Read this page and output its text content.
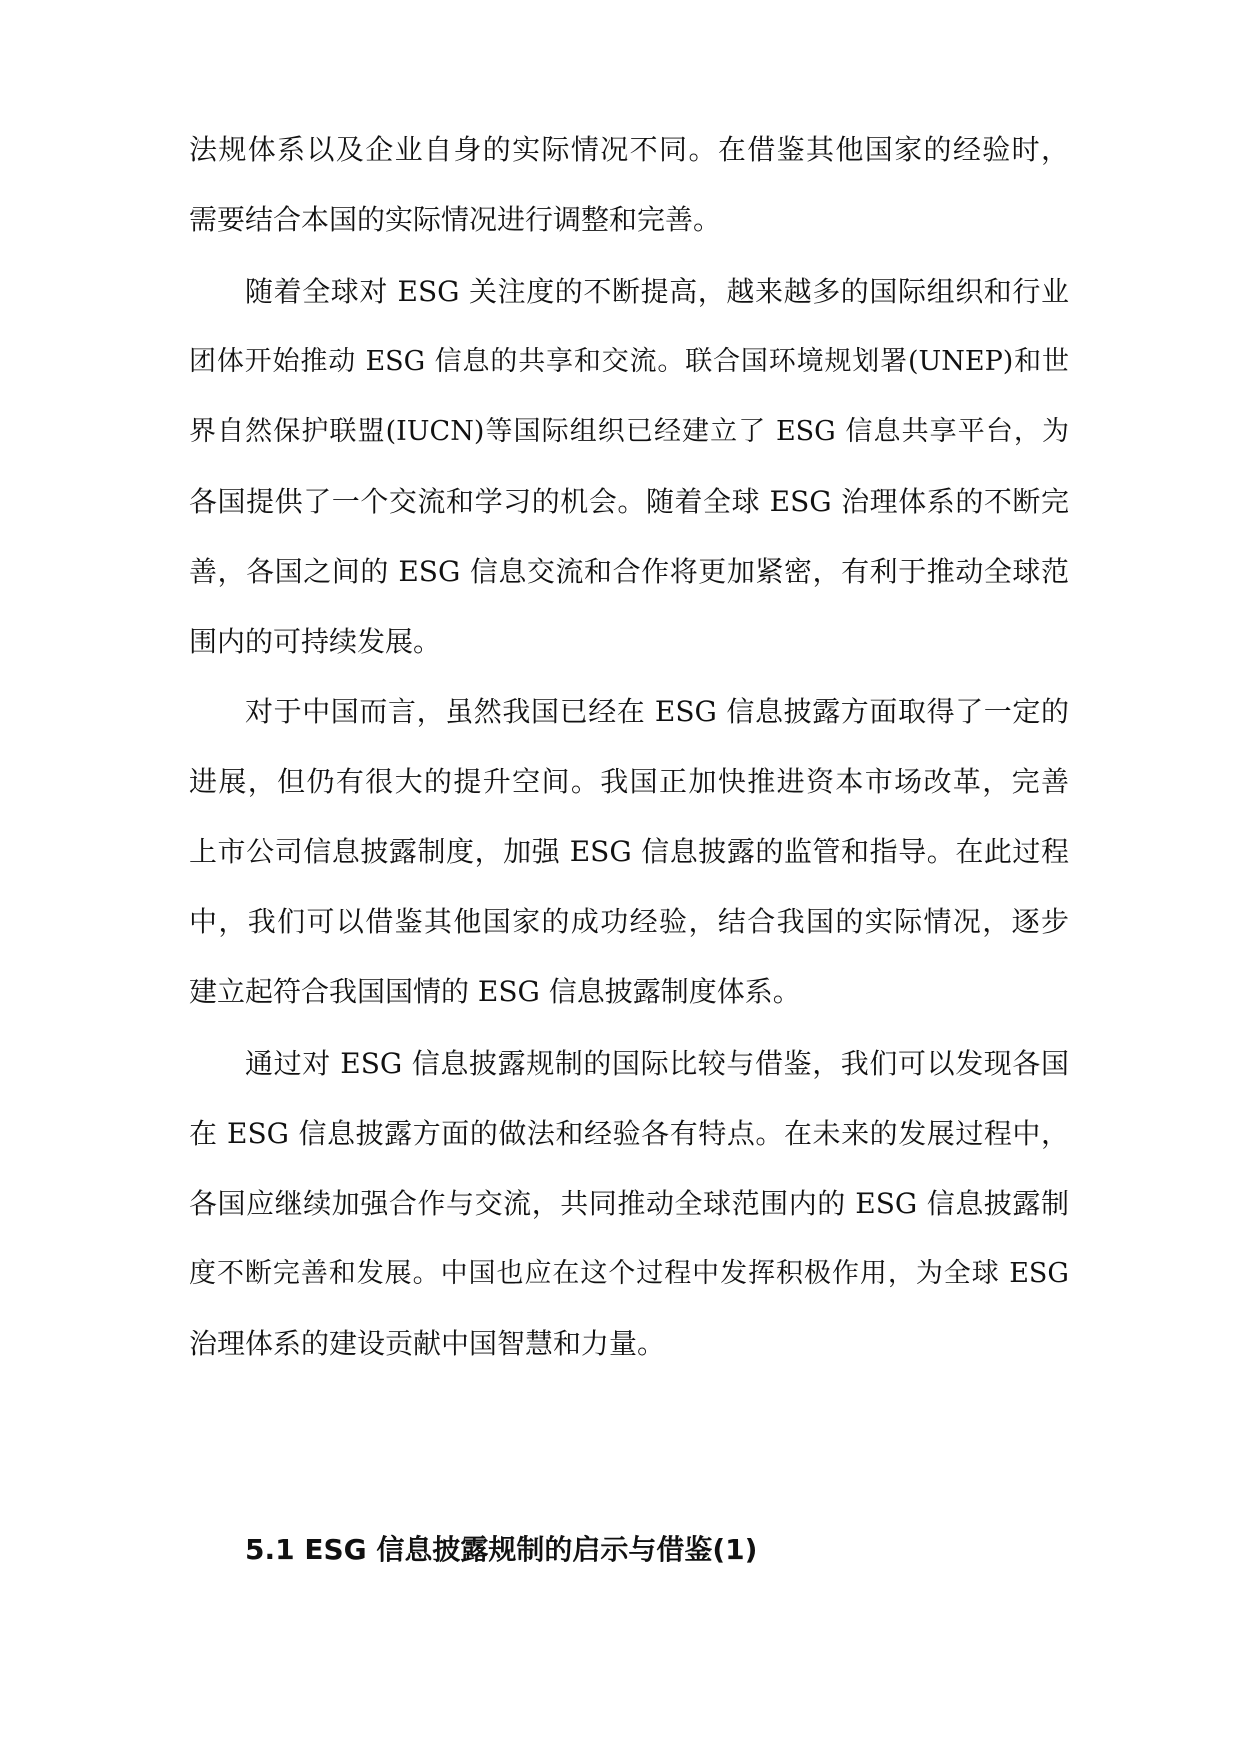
法规体系以及企业自身的实际情况不同。在借鉴其他国家的经验时，
需要结合本国的实际情况进行调整和完善。
随着全球对 ESG 关注度的不断提高，越来越多的国际组织和行业
团体开始推动 ESG 信息的共享和交流。联合国环境规划署(UNEP)和世
界自然保护联盟(IUCN)等国际组织已经建立了 ESG 信息共享平台，为
各国提供了一个交流和学习的机会。随着全球 ESG 治理体系的不断完
善，各国之间的 ESG 信息交流和合作将更加紧密，有利于推动全球范
围内的可持续发展。
对于中国而言，虽然我国已经在 ESG 信息披露方面取得了一定的
进展，但仍有很大的提升空间。我国正加快推进资本市场改革，完善
上市公司信息披露制度，加强 ESG 信息披露的监管和指导。在此过程
中，我们可以借鉴其他国家的成功经验，结合我国的实际情况，逐步
建立起符合我国国情的 ESG 信息披露制度体系。
通过对 ESG 信息披露规制的国际比较与借鉴，我们可以发现各国
在 ESG 信息披露方面的做法和经验各有特点。在未来的发展过程中，
各国应继续加强合作与交流，共同推动全球范围内的 ESG 信息披露制
度不断完善和发展。中国也应在这个过程中发挥积极作用，为全球 ESG
治理体系的建设贡献中国智慧和力量。
5.1 ESG 信息披露规制的启示与借鉴(1)
